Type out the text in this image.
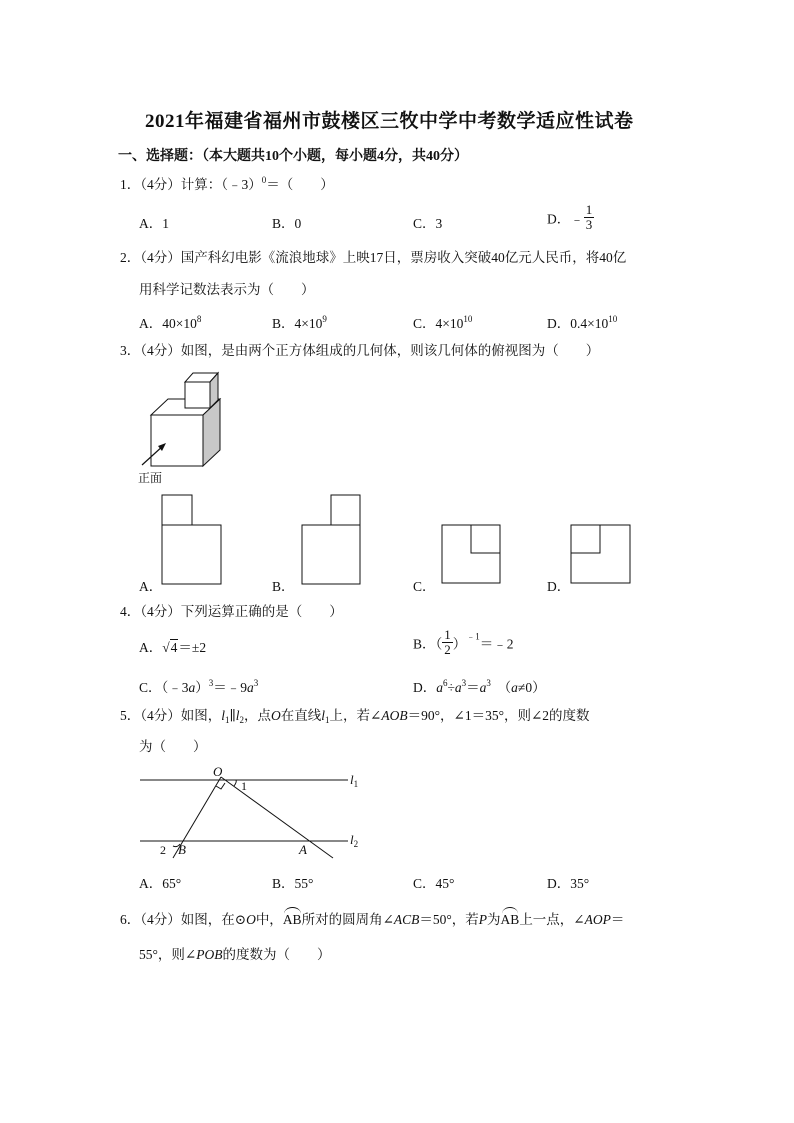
2021年福建省福州市鼓楼区三牧中学中考数学适应性试卷
一、选择题：（本大题共10个小题，每小题4分，共40分）
1．（4分）计算：（﹣3）$^0$＝（　　）
A．1	B．0	C．3	D．﹣ $\frac{1}{3}$
2．（4分）国产科幻电影《流浪地球》上映17日，票房收入突破40亿元人民币，将40亿
用科学记数法表示为（　　）
A．$40\times 10^8$	B．$4\times 10^9$	C．$4\times 10^{10}$	D．$0.4\times 10^{10}$
3．（4分）如图，是由两个正方体组成的几何体，则该几何体的俯视图为（　　）
正面
A．	B．	C．	D．
4．（4分）下列运算正确的是（　　）
A．√4＝±2	B．（ $\frac{1}{2}$ ）$^{﹣1}$＝﹣2
C．$(﹣3a)^3=﹣9a^3$	D．$a^6\div a^3=a^3$ （a≠0）
5．（4分）如图，$l_1\parallel l_2$，点O在直线$l_1$上，若∠AOB＝90°，∠1＝35°，则∠2的度数
为（　　）
O
1	$l_1$
$l_2$
2 B	A
A．65°	B．55°	C．45°	D．35°
6．（4分）如图，在⊙O中，AB所对的圆周角∠ACB＝50°，若P为AB上一点，∠AOP＝
55°，则∠POB的度数为（　　）
